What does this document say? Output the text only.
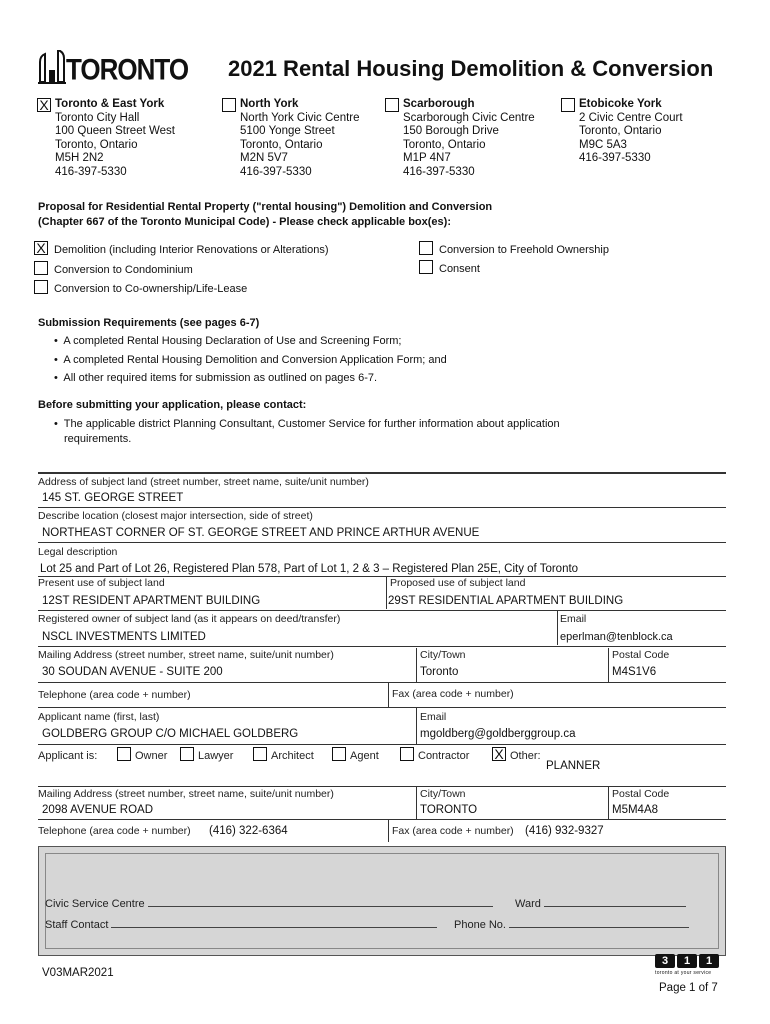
TORONTO 2021 Rental Housing Demolition & Conversion
X Toronto & East York
Toronto City Hall
100 Queen Street West
Toronto, Ontario
M5H 2N2
416-397-5330
North York
North York Civic Centre
5100 Yonge Street
Toronto, Ontario
M2N 5V7
416-397-5330
Scarborough
Scarborough Civic Centre
150 Borough Drive
Toronto, Ontario
M1P 4N7
416-397-5330
Etobicoke York
2 Civic Centre Court
Toronto, Ontario
M9C 5A3
416-397-5330
Proposal for Residential Rental Property ("rental housing") Demolition and Conversion
(Chapter 667 of the Toronto Municipal Code) - Please check applicable box(es):
X Demolition (including Interior Renovations or Alterations)
Conversion to Condominium
Conversion to Co-ownership/Life-Lease
Conversion to Freehold Ownership
Consent
Submission Requirements (see pages 6-7)
•  A completed Rental Housing Declaration of Use and Screening Form;
•  A completed Rental Housing Demolition and Conversion Application Form; and
•  All other required items for submission as outlined on pages 6-7.
Before submitting your application, please contact:
•  The applicable district Planning Consultant, Customer Service for further information about application
requirements.
Address of subject land (street number, street name, suite/unit number)
145 ST. GEORGE STREET
Describe location (closest major intersection, side of street)
NORTHEAST CORNER OF ST. GEORGE STREET AND PRINCE ARTHUR AVENUE
Legal description
Lot 25 and Part of Lot 26, Registered Plan 578, Part of Lot 1, 2 & 3 – Registered Plan 25E, City of Toronto
Present use of subject land	Proposed use of subject land
12ST RESIDENT APARTMENT BUILDING	29ST RESIDENTIAL APARTMENT BUILDING
Registered owner of subject land (as it appears on deed/transfer)	Email
NSCL INVESTMENTS LIMITED	eperlman@tenblock.ca
Mailing Address (street number, street name, suite/unit number)	City/Town	Postal Code
30 SOUDAN AVENUE - SUITE 200	Toronto	M4S1V6
Telephone (area code + number)	Fax (area code + number)
Applicant name (first, last)	Email
GOLDBERG GROUP C/O MICHAEL GOLDBERG	mgoldberg@goldberggroup.ca
Applicant is:	Owner	Lawyer	Architect	Agent	Contractor X Other:
PLANNER
Mailing Address (street number, street name, suite/unit number)	City/Town	Postal Code
2098 AVENUE ROAD	TORONTO	M5M4A8
Telephone (area code + number) (416) 322-6364	Fax (area code + number) (416) 932-9327
Civic Service Centre	Ward
Staff Contact	Phone No.
V03MAR2021
3	1	1
toronto at your service
Page 1 of 7
